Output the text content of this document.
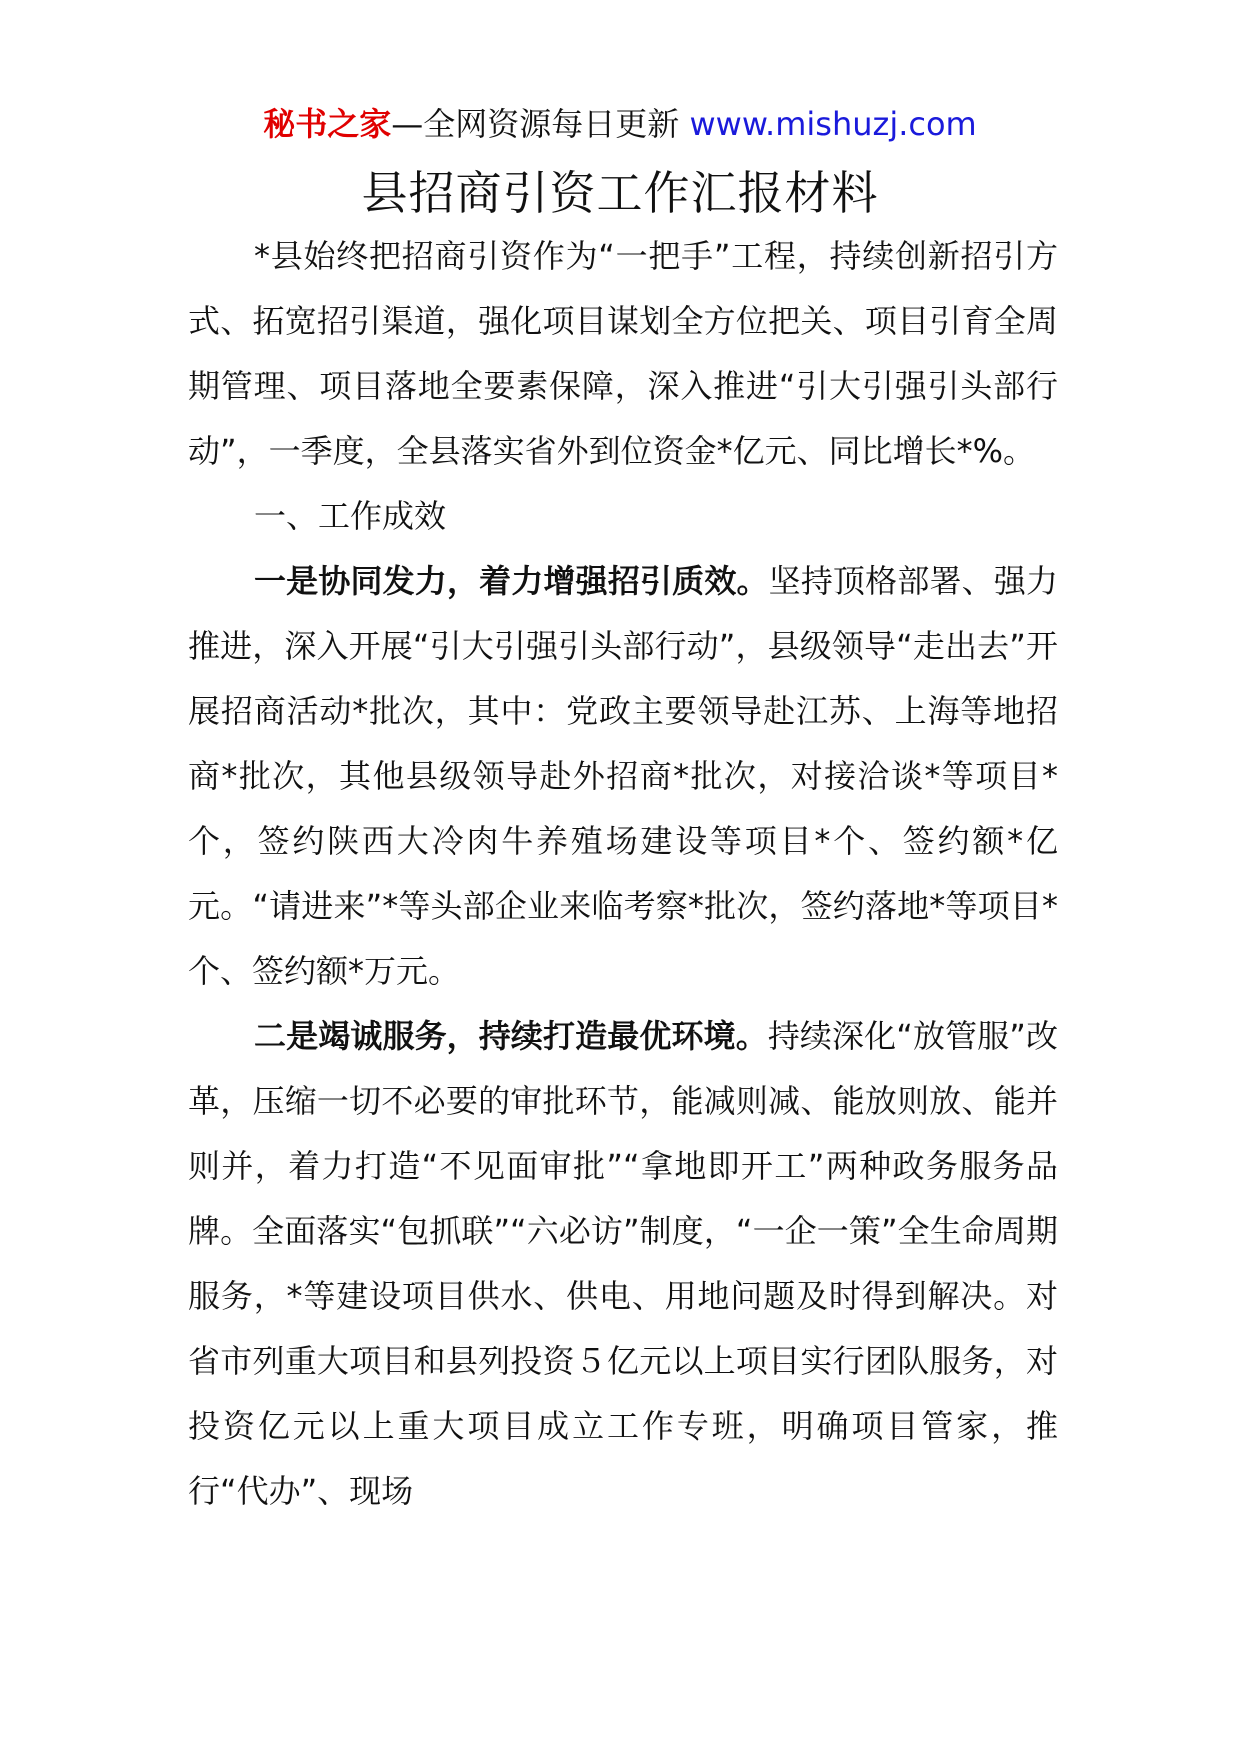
秘书之家—全网资源每日更新 www.mishuzj.com
县招商引资工作汇报材料

*县始终把招商引资作为“一把手”工程，持续创新招引方式、拓宽招引渠道，强化项目谋划全方位把关、项目引育全周期管理、项目落地全要素保障，深入推进“引大引强引头部行动”，一季度，全县落实省外到位资金*亿元、同比增长*%。

一、工作成效

一是协同发力，着力增强招引质效。坚持顶格部署、强力推进，深入开展“引大引强引头部行动”，县级领导“走出去”开展招商活动*批次，其中：党政主要领导赴江苏、上海等地招商*批次，其他县级领导赴外招商*批次，对接洽谈*等项目*个，签约陕西大冷肉牛养殖场建设等项目*个、签约额*亿元。“请进来”*等头部企业来临考察*批次，签约落地*等项目*个、签约额*万元。

二是竭诚服务，持续打造最优环境。持续深化“放管服”改革，压缩一切不必要的审批环节，能减则减、能放则放、能并则并，着力打造“不见面审批”“拿地即开工”两种政务服务品牌。全面落实“包抓联”“六必访”制度，“一企一策”全生命周期服务，*等建设项目供水、供电、用地问题及时得到解决。对省市列重大项目和县列投资５亿元以上项目实行团队服务，对投资亿元以上重大项目成立工作专班，明确项目管家，推行“代办”、现场
